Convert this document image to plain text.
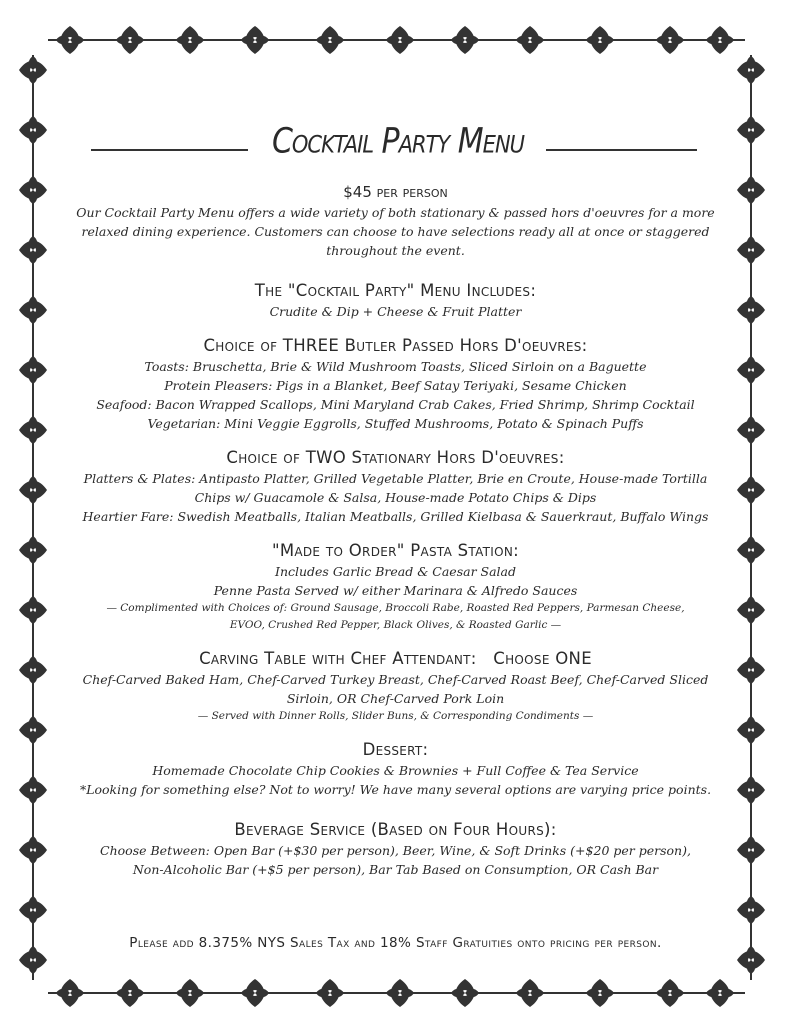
Cocktail Party Menu
$45 per person
Our Cocktail Party Menu offers a wide variety of both stationary & passed hors d'oeuvres for a more relaxed dining experience. Customers can choose to have selections ready all at once or staggered throughout the event.
The "Cocktail Party" Menu Includes:
Crudite & Dip + Cheese & Fruit Platter
Choice of THREE Butler Passed Hors D'oeuvres:
Toasts: Bruschetta, Brie & Wild Mushroom Toasts, Sliced Sirloin on a Baguette
Protein Pleasers: Pigs in a Blanket, Beef Satay Teriyaki, Sesame Chicken
Seafood: Bacon Wrapped Scallops, Mini Maryland Crab Cakes, Fried Shrimp, Shrimp Cocktail
Vegetarian: Mini Veggie Eggrolls, Stuffed Mushrooms, Potato & Spinach Puffs
Choice of TWO Stationary Hors D'oeuvres:
Platters & Plates: Antipasto Platter, Grilled Vegetable Platter, Brie en Croute, House-made Tortilla
Chips w/ Guacamole & Salsa, House-made Potato Chips & Dips
Heartier Fare: Swedish Meatballs, Italian Meatballs, Grilled Kielbasa & Sauerkraut, Buffalo Wings
"Made to Order" Pasta Station:
Includes Garlic Bread & Caesar Salad
Penne Pasta Served w/ either Marinara & Alfredo Sauces
— Complimented with Choices of: Ground Sausage, Broccoli Rabe, Roasted Red Peppers, Parmesan Cheese,
EVOO, Crushed Red Pepper, Black Olives, & Roasted Garlic —
Carving Table with Chef Attendant:   Choose ONE
Chef-Carved Baked Ham, Chef-Carved Turkey Breast, Chef-Carved Roast Beef, Chef-Carved Sliced
Sirloin, OR Chef-Carved Pork Loin
— Served with Dinner Rolls, Slider Buns, & Corresponding Condiments —
Dessert:
Homemade Chocolate Chip Cookies & Brownies + Full Coffee & Tea Service
*Looking for something else? Not to worry! We have many several options are varying price points.
Beverage Service (Based on Four Hours):
Choose Between: Open Bar (+$30 per person), Beer, Wine, & Soft Drinks (+$20 per person),
Non-Alcoholic Bar (+$5 per person), Bar Tab Based on Consumption, OR Cash Bar
Please add 8.375% NYS Sales Tax and 18% Staff Gratuities onto pricing per person.
